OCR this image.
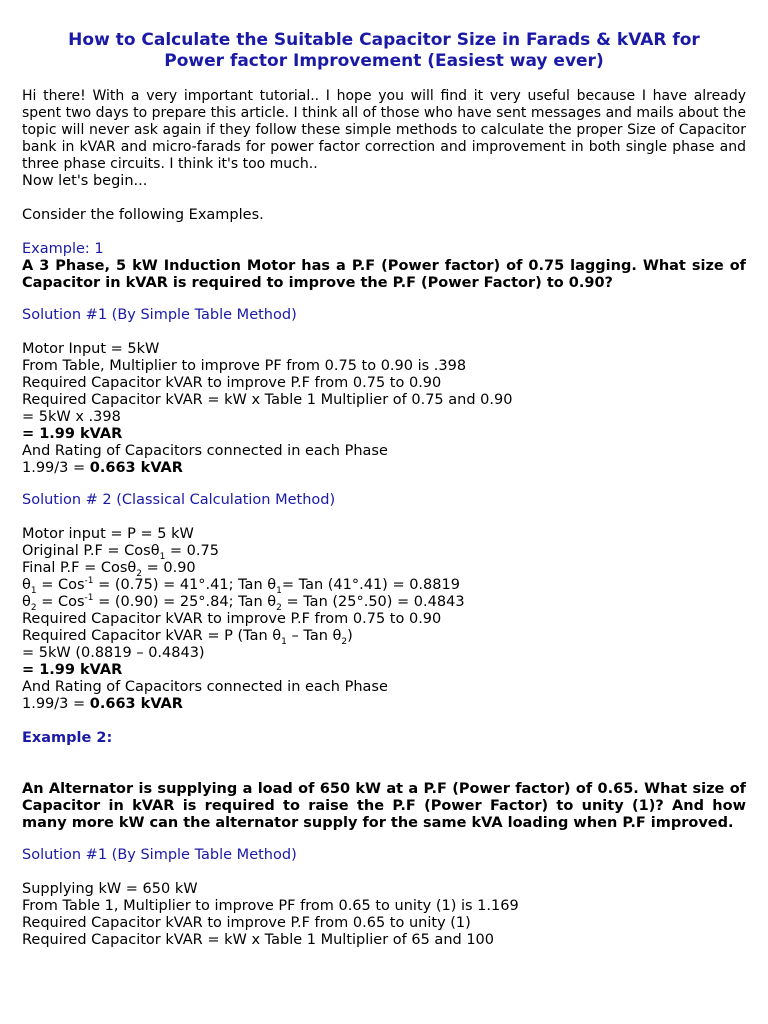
How to Calculate the Suitable Capacitor Size in Farads & kVAR for
Power factor Improvement (Easiest way ever)

Hi there! With a very important tutorial.. I hope you will find it very useful because I have already spent two days to prepare this article. I think all of those who have sent messages and mails about the topic will never ask again if they follow these simple methods to calculate the proper Size of Capacitor bank in kVAR and micro-farads for power factor correction and improvement in both single phase and three phase circuits. I think it's too much..

Now let's begin...

Consider the following Examples.

Example: 1

A 3 Phase, 5 kW Induction Motor has a P.F (Power factor) of 0.75 lagging. What size of Capacitor in kVAR is required to improve the P.F (Power Factor) to 0.90?

Solution #1 (By Simple Table Method)

Motor Input = 5kW

From Table, Multiplier to improve PF from 0.75 to 0.90 is .398

Required Capacitor kVAR to improve P.F from 0.75 to 0.90

Required Capacitor kVAR = kW x Table 1 Multiplier of 0.75 and 0.90

= 5kW x .398

= 1.99 kVAR

And Rating of Capacitors connected in each Phase

1.99/3 = 0.663 kVAR

Solution # 2 (Classical Calculation Method)

Motor input = P = 5 kW

Original P.F = Cosθ$_1$ = 0.75

Final P.F = Cosθ$_2$ = 0.90

$\theta_1 = Cos^{-1} = (0.75) = 41^\circ.41$; Tan $\theta_1=$ Tan (41°.41) = 0.8819

$\theta_2 = Cos^{-1} = (0.90) = 25^\circ.84$; Tan $\theta_2$ = Tan (25°.50) = 0.4843

Required Capacitor kVAR to improve P.F from 0.75 to 0.90

Required Capacitor kVAR = P (Tan $\theta_1$ – Tan $\theta_2$)

= 5kW (0.8819 – 0.4843)

= 1.99 kVAR

And Rating of Capacitors connected in each Phase

1.99/3 = 0.663 kVAR

Example 2:

An Alternator is supplying a load of 650 kW at a P.F (Power factor) of 0.65. What size of Capacitor in kVAR is required to raise the P.F (Power Factor) to unity (1)? And how many more kW can the alternator supply for the same kVA loading when P.F improved.

Solution #1 (By Simple Table Method)

Supplying kW = 650 kW

From Table 1, Multiplier to improve PF from 0.65 to unity (1) is 1.169

Required Capacitor kVAR to improve P.F from 0.65 to unity (1)

Required Capacitor kVAR = kW x Table 1 Multiplier of 65 and 100
